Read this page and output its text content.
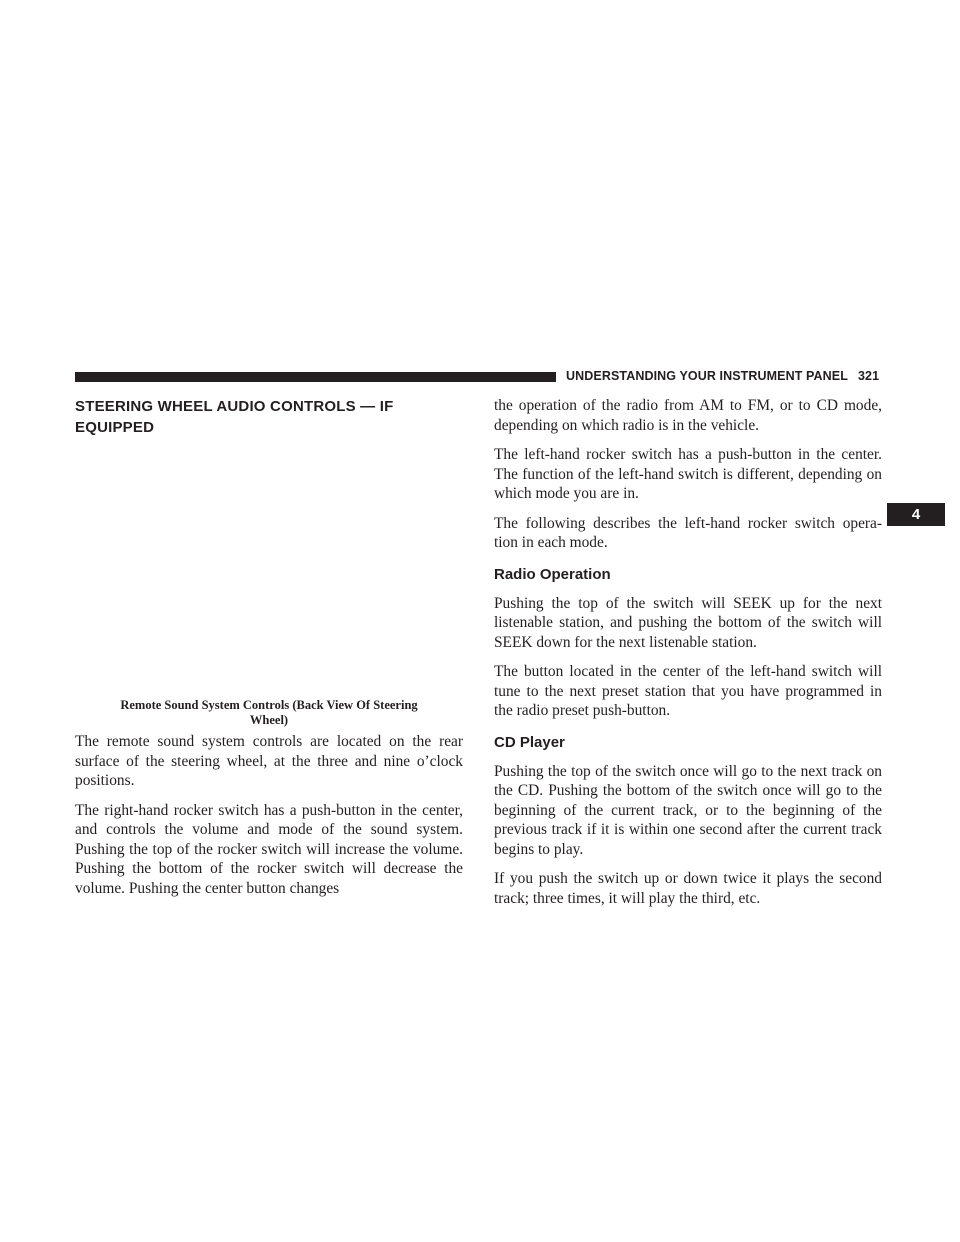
UNDERSTANDING YOUR INSTRUMENT PANEL 321
4
STEERING WHEEL AUDIO CONTROLS — IF
EQUIPPED
Remote Sound System Controls (Back View Of Steering
Wheel)

The remote sound system controls are located on the rear surface of the steering wheel, at the three and nine o’clock positions.

The right-hand rocker switch has a push-button in the center, and controls the volume and mode of the sound system. Pushing the top of the rocker switch will increase the volume. Pushing the bottom of the rocker switch will decrease the volume. Pushing the center button changes

the operation of the radio from AM to FM, or to CD mode, depending on which radio is in the vehicle.

The left-hand rocker switch has a push-button in the center. The function of the left-hand switch is different, depending on which mode you are in.

The following describes the left-hand rocker switch opera- tion in each mode.

Radio Operation

Pushing the top of the switch will SEEK up for the next listenable station, and pushing the bottom of the switch will SEEK down for the next listenable station.

The button located in the center of the left-hand switch will tune to the next preset station that you have programmed in the radio preset push-button.

CD Player

Pushing the top of the switch once will go to the next track on the CD. Pushing the bottom of the switch once will go to the beginning of the current track, or to the beginning of the previous track if it is within one second after the current track begins to play.

If you push the switch up or down twice it plays the second track; three times, it will play the third, etc.
